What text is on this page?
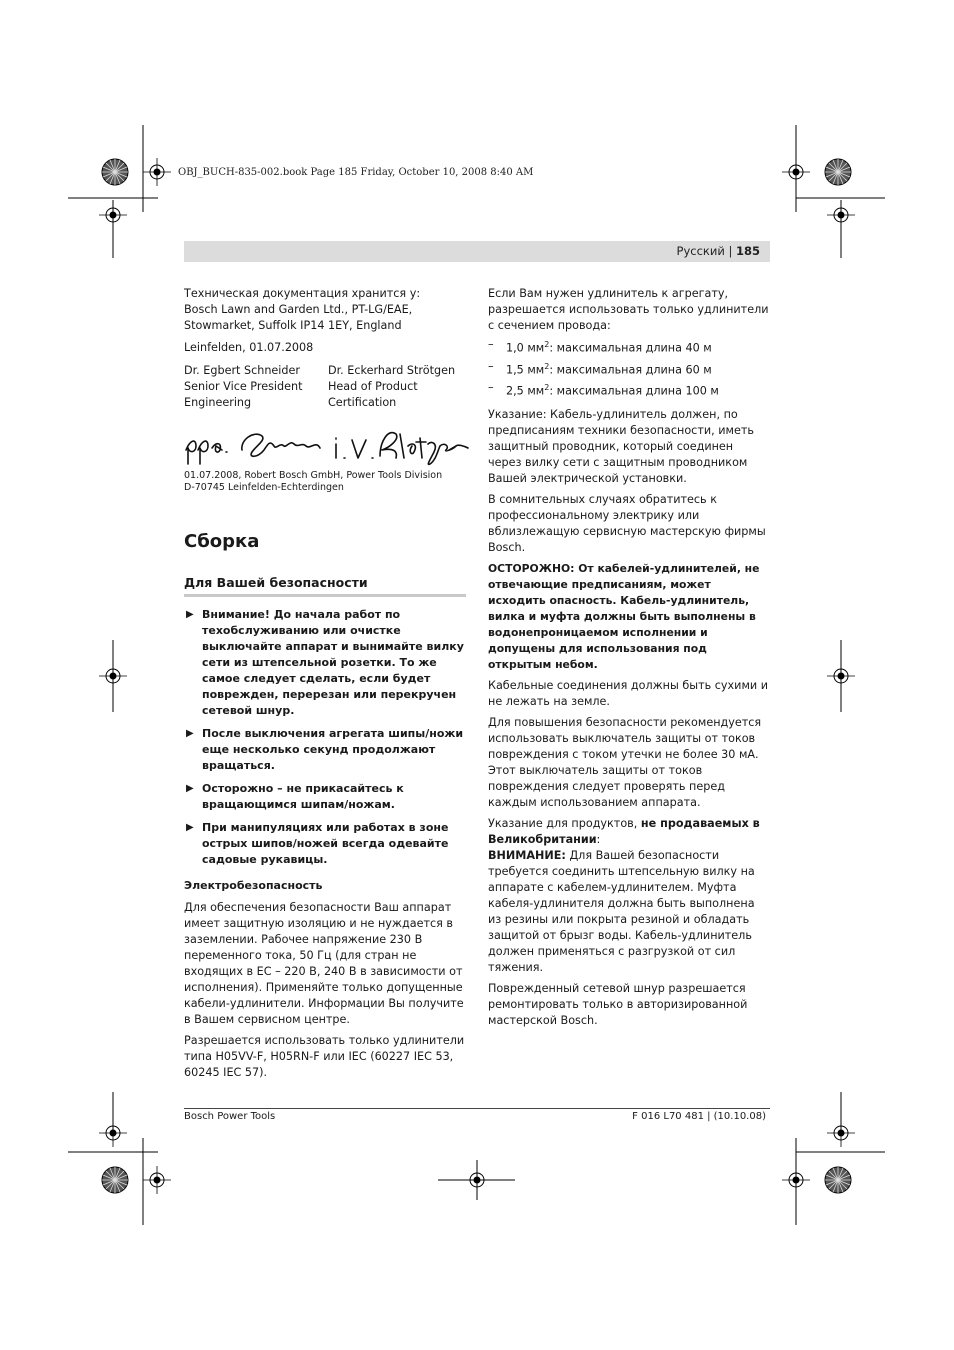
OBJ_BUCH-835-002.book Page 185 Friday, October 10, 2008 8:40 AM
Русский | 185
Техническая документация хранится у:
Bosch Lawn and Garden Ltd., PT-LG/EAE,
Stowmarket, Suffolk IP14 1EY, England
Leinfelden, 01.07.2008
Dr. Egbert Schneider
Senior Vice President
Engineering
Dr. Eckerhard Strötgen
Head of Product
Certification
01.07.2008, Robert Bosch GmbH, Power Tools Division
D-70745 Leinfelden-Echterdingen
Сборка
Для Вашей безопасности
▶ Внимание! До начала работ по техобслуживанию или очистке выключайте аппарат и вынимайте вилку сети из штепсельной розетки. То же самое следует сделать, если будет поврежден, перерезан или перекручен сетевой шнур.
▶ После выключения агрегата шипы/ножи еще несколько секунд продолжают вращаться.
▶ Осторожно – не прикасайтесь к вращающимся шипам/ножам.
▶ При манипуляциях или работах в зоне острых шипов/ножей всегда одевайте садовые рукавицы.
Электробезопасность

Для обеспечения безопасности Ваш аппарат имеет защитную изоляцию и не нуждается в заземлении. Рабочее напряжение 230 В переменного тока, 50 Гц (для стран не входящих в ЕС – 220 В, 240 В в зависимости от исполнения). Применяйте только допущенные кабели-удлинители. Информации Вы получите в Вашем сервисном центре.

Разрешается использовать только удлинители типа H05VV-F, H05RN-F или IEC (60227 IEC 53, 60245 IEC 57).

Если Вам нужен удлинитель к агрегату, разрешается использовать только удлинители с сечением провода:

– 1,0 $мм^2$: максимальная длина 40 м
– 1,5 $мм^2$: максимальная длина 60 м
– 2,5 $мм^2$: максимальная длина 100 м

Указание: Кабель-удлинитель должен, по предписаниям техники безопасности, иметь защитный проводник, который соединен через вилку сети с защитным проводником Вашей электрической установки.

В сомнительных случаях обратитесь к профессиональному электрику или вблизлежащую сервисную мастерскую фирмы Bosch.

ОСТОРОЖНО: От кабелей-удлинителей, не отвечающие предписаниям, может исходить опасность. Кабель-удлинитель, вилка и муфта должны быть выполнены в водонепроницаемом исполнении и допущены для использования под открытым небом.

Кабельные соединения должны быть сухими и не лежать на земле.

Для повышения безопасности рекомендуется использовать выключатель защиты от токов повреждения с током утечки не более 30 мА. Этот выключатель защиты от токов повреждения следует проверять перед каждым использованием аппарата.

Указание для продуктов, не продаваемых в Великобритании:

ВНИМАНИЕ: Для Вашей безопасности требуется соединить штепсельную вилку на аппарате с кабелем-удлинителем. Муфта кабеля-удлинителя должна быть выполнена из резины или покрыта резиной и обладать защитой от брызг воды. Кабель-удлинитель должен применяться с разгрузкой от сил тяжения.

Поврежденный сетевой шнур разрешается ремонтировать только в авторизированной мастерской Bosch.

Bosch Power Tools	F 016 L70 481 | (10.10.08)
